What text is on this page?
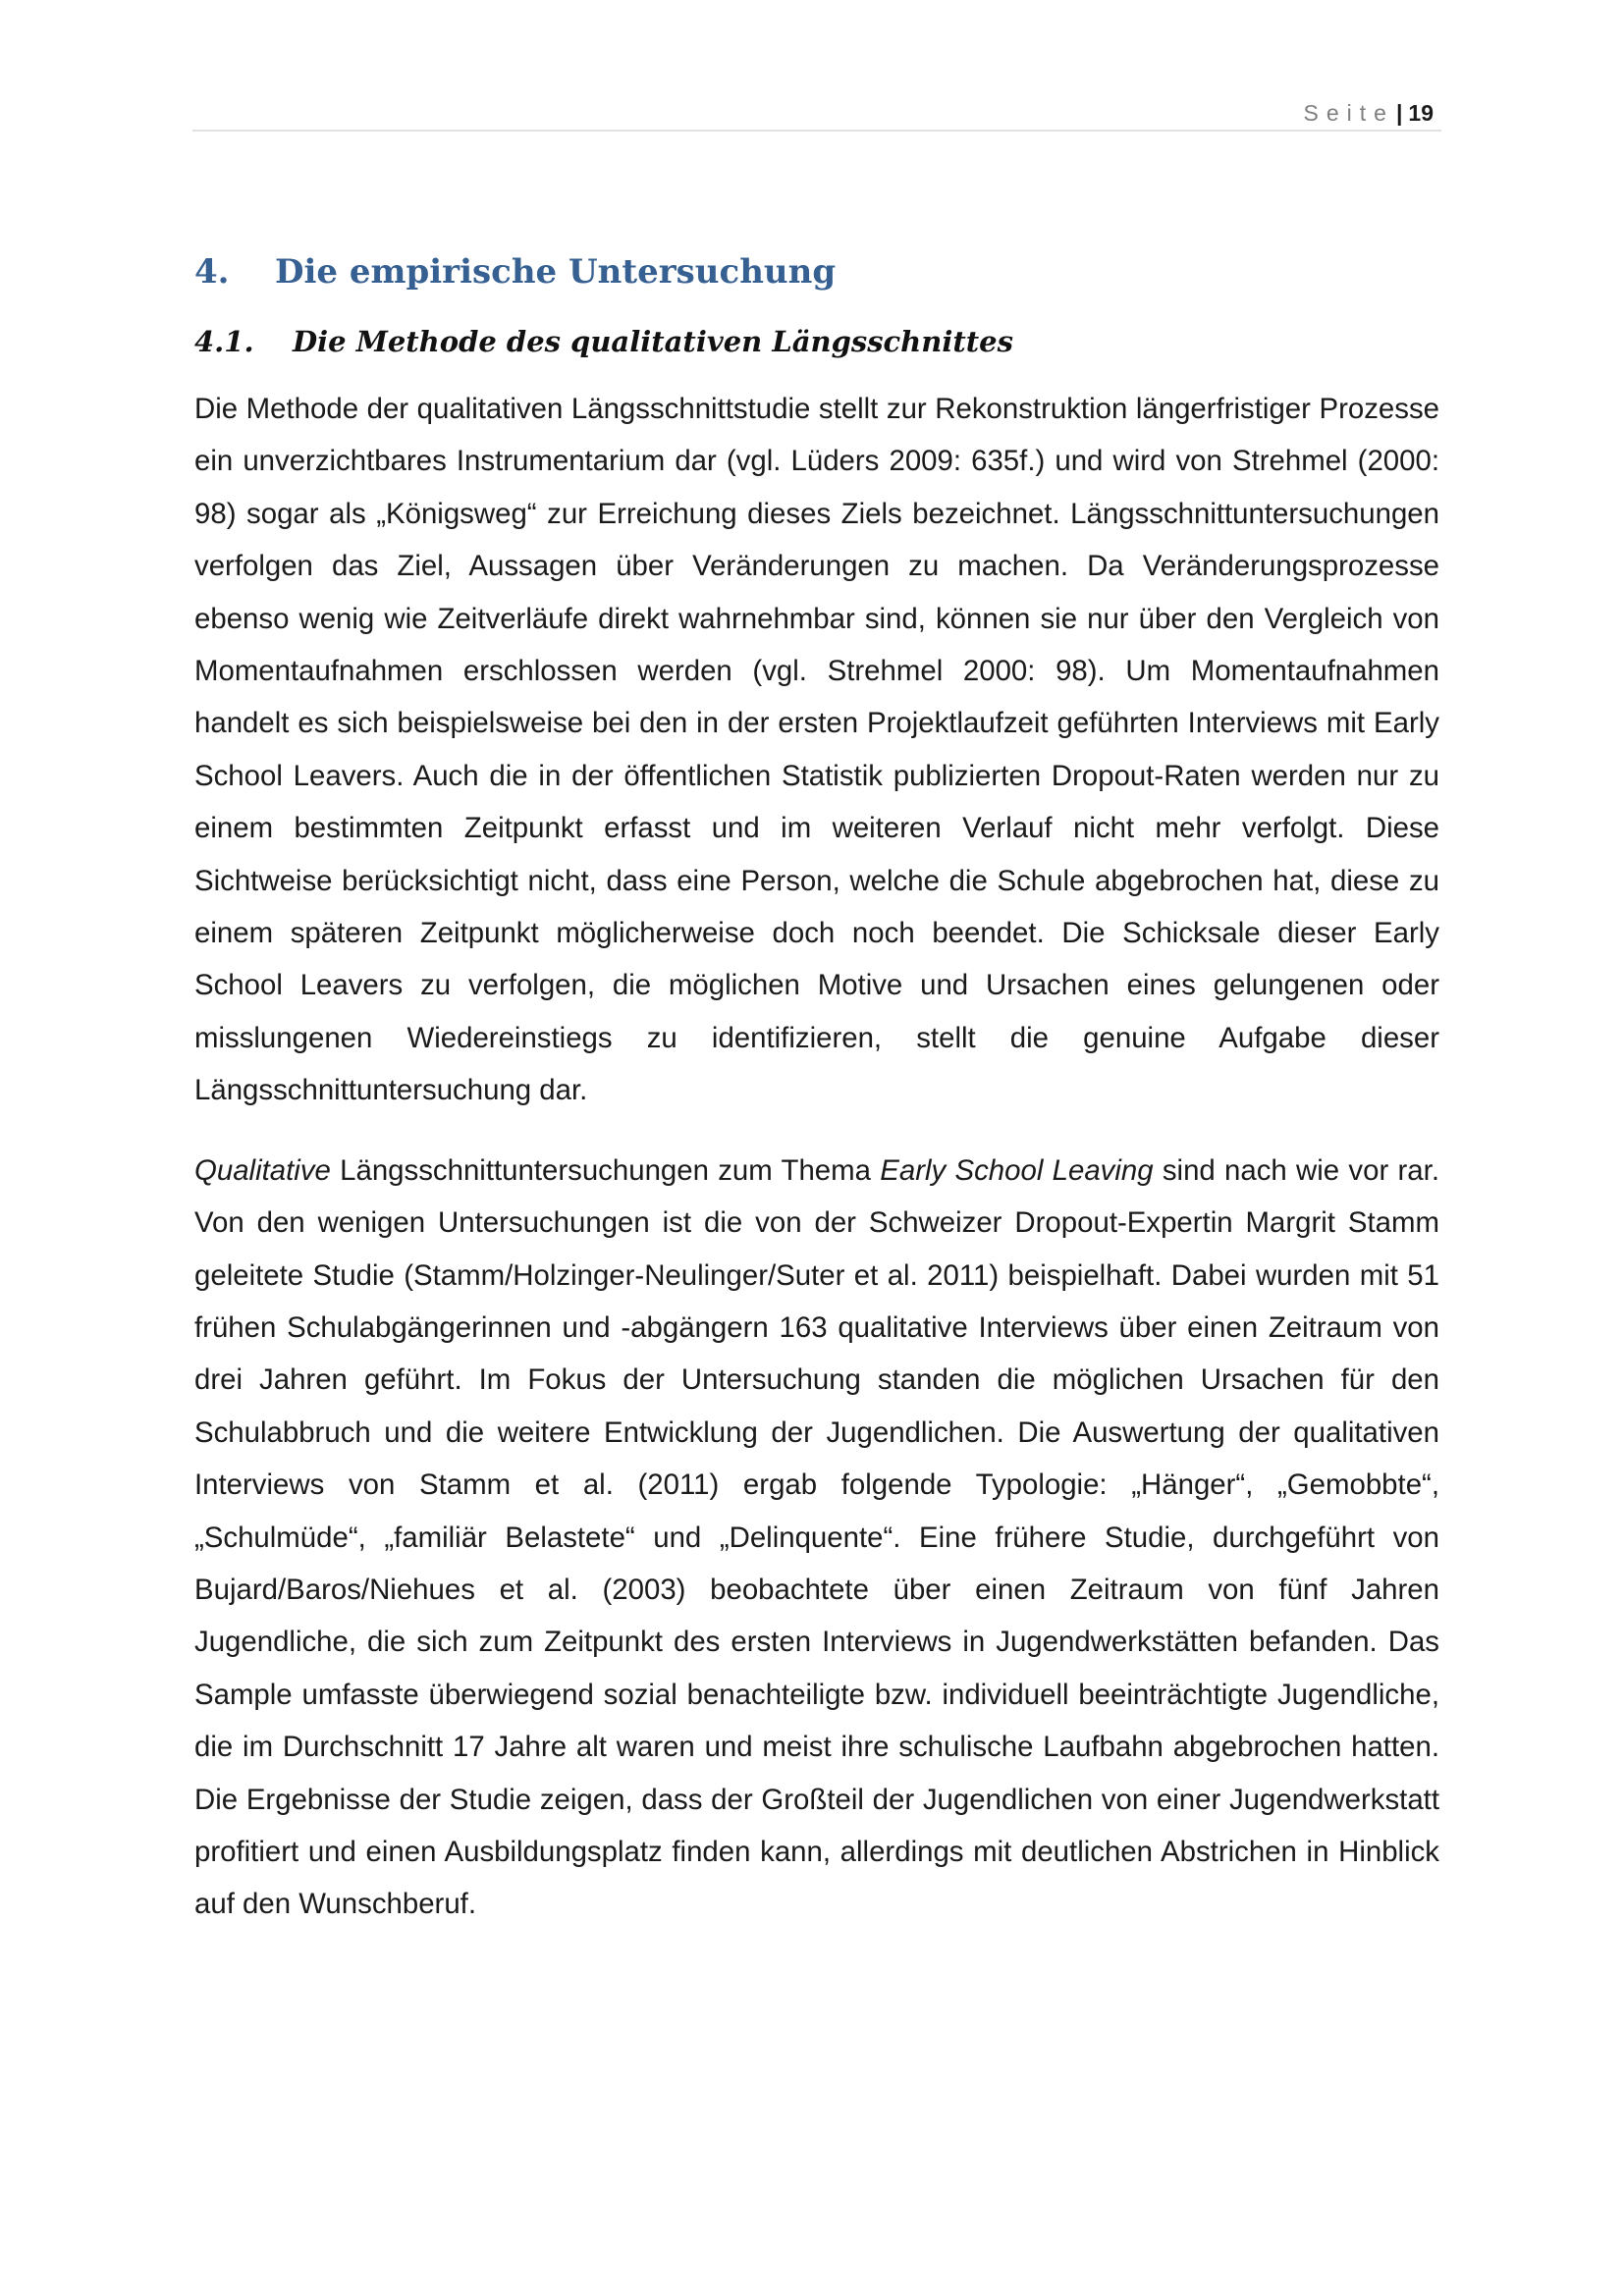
Seite| 19
4. Die empirische Untersuchung
4.1. Die Methode des qualitativen Längsschnittes

Die Methode der qualitativen Längsschnittstudie stellt zur Rekonstruktion längerfristiger Prozesse ein unverzichtbares Instrumentarium dar (vgl. Lüders 2009: 635f.) und wird von Strehmel (2000: 98) sogar als „Königsweg“ zur Erreichung dieses Ziels bezeichnet. Längsschnittuntersuchungen verfolgen das Ziel, Aussagen über Veränderungen zu machen. Da Veränderungsprozesse ebenso wenig wie Zeitverläufe direkt wahrnehmbar sind, können sie nur über den Vergleich von Momentaufnahmen erschlossen werden (vgl. Strehmel 2000: 98). Um Momentaufnahmen handelt es sich beispielsweise bei den in der ersten Projektlaufzeit geführten Interviews mit Early School Leavers. Auch die in der öffentlichen Statistik publizierten Dropout-Raten werden nur zu einem bestimmten Zeitpunkt erfasst und im weiteren Verlauf nicht mehr verfolgt. Diese Sichtweise berücksichtigt nicht, dass eine Person, welche die Schule abgebrochen hat, diese zu einem späteren Zeitpunkt möglicherweise doch noch beendet. Die Schicksale dieser Early School Leavers zu verfolgen, die möglichen Motive und Ursachen eines gelungenen oder misslungenen Wiedereinstiegs zu identifizieren, stellt die genuine Aufgabe dieser Längsschnittuntersuchung dar.

Qualitative Längsschnittuntersuchungen zum Thema Early School Leaving sind nach wie vor rar. Von den wenigen Untersuchungen ist die von der Schweizer Dropout-Expertin Margrit Stamm geleitete Studie (Stamm/Holzinger-Neulinger/Suter et al. 2011) beispielhaft. Dabei wurden mit 51 frühen Schulabgängerinnen und -abgängern 163 qualitative Interviews über einen Zeitraum von drei Jahren geführt. Im Fokus der Untersuchung standen die möglichen Ursachen für den Schulabbruch und die weitere Entwicklung der Jugendlichen. Die Auswertung der qualitativen Interviews von Stamm et al. (2011) ergab folgende Typologie: „Hänger“, „Gemobbte“, „Schulmüde“, „familiär Belastete“ und „Delinquente“. Eine frühere Studie, durchgeführt von Bujard/Baros/Niehues et al. (2003) beobachtete über einen Zeitraum von fünf Jahren Jugendliche, die sich zum Zeitpunkt des ersten Interviews in Jugendwerkstätten befanden. Das Sample umfasste überwiegend sozial benachteiligte bzw. individuell beeinträchtigte Jugendliche, die im Durchschnitt 17 Jahre alt waren und meist ihre schulische Laufbahn abgebrochen hatten. Die Ergebnisse der Studie zeigen, dass der Großteil der Jugendlichen von einer Jugendwerkstatt profitiert und einen Ausbildungsplatz finden kann, allerdings mit deutlichen Abstrichen in Hinblick auf den Wunschberuf.
